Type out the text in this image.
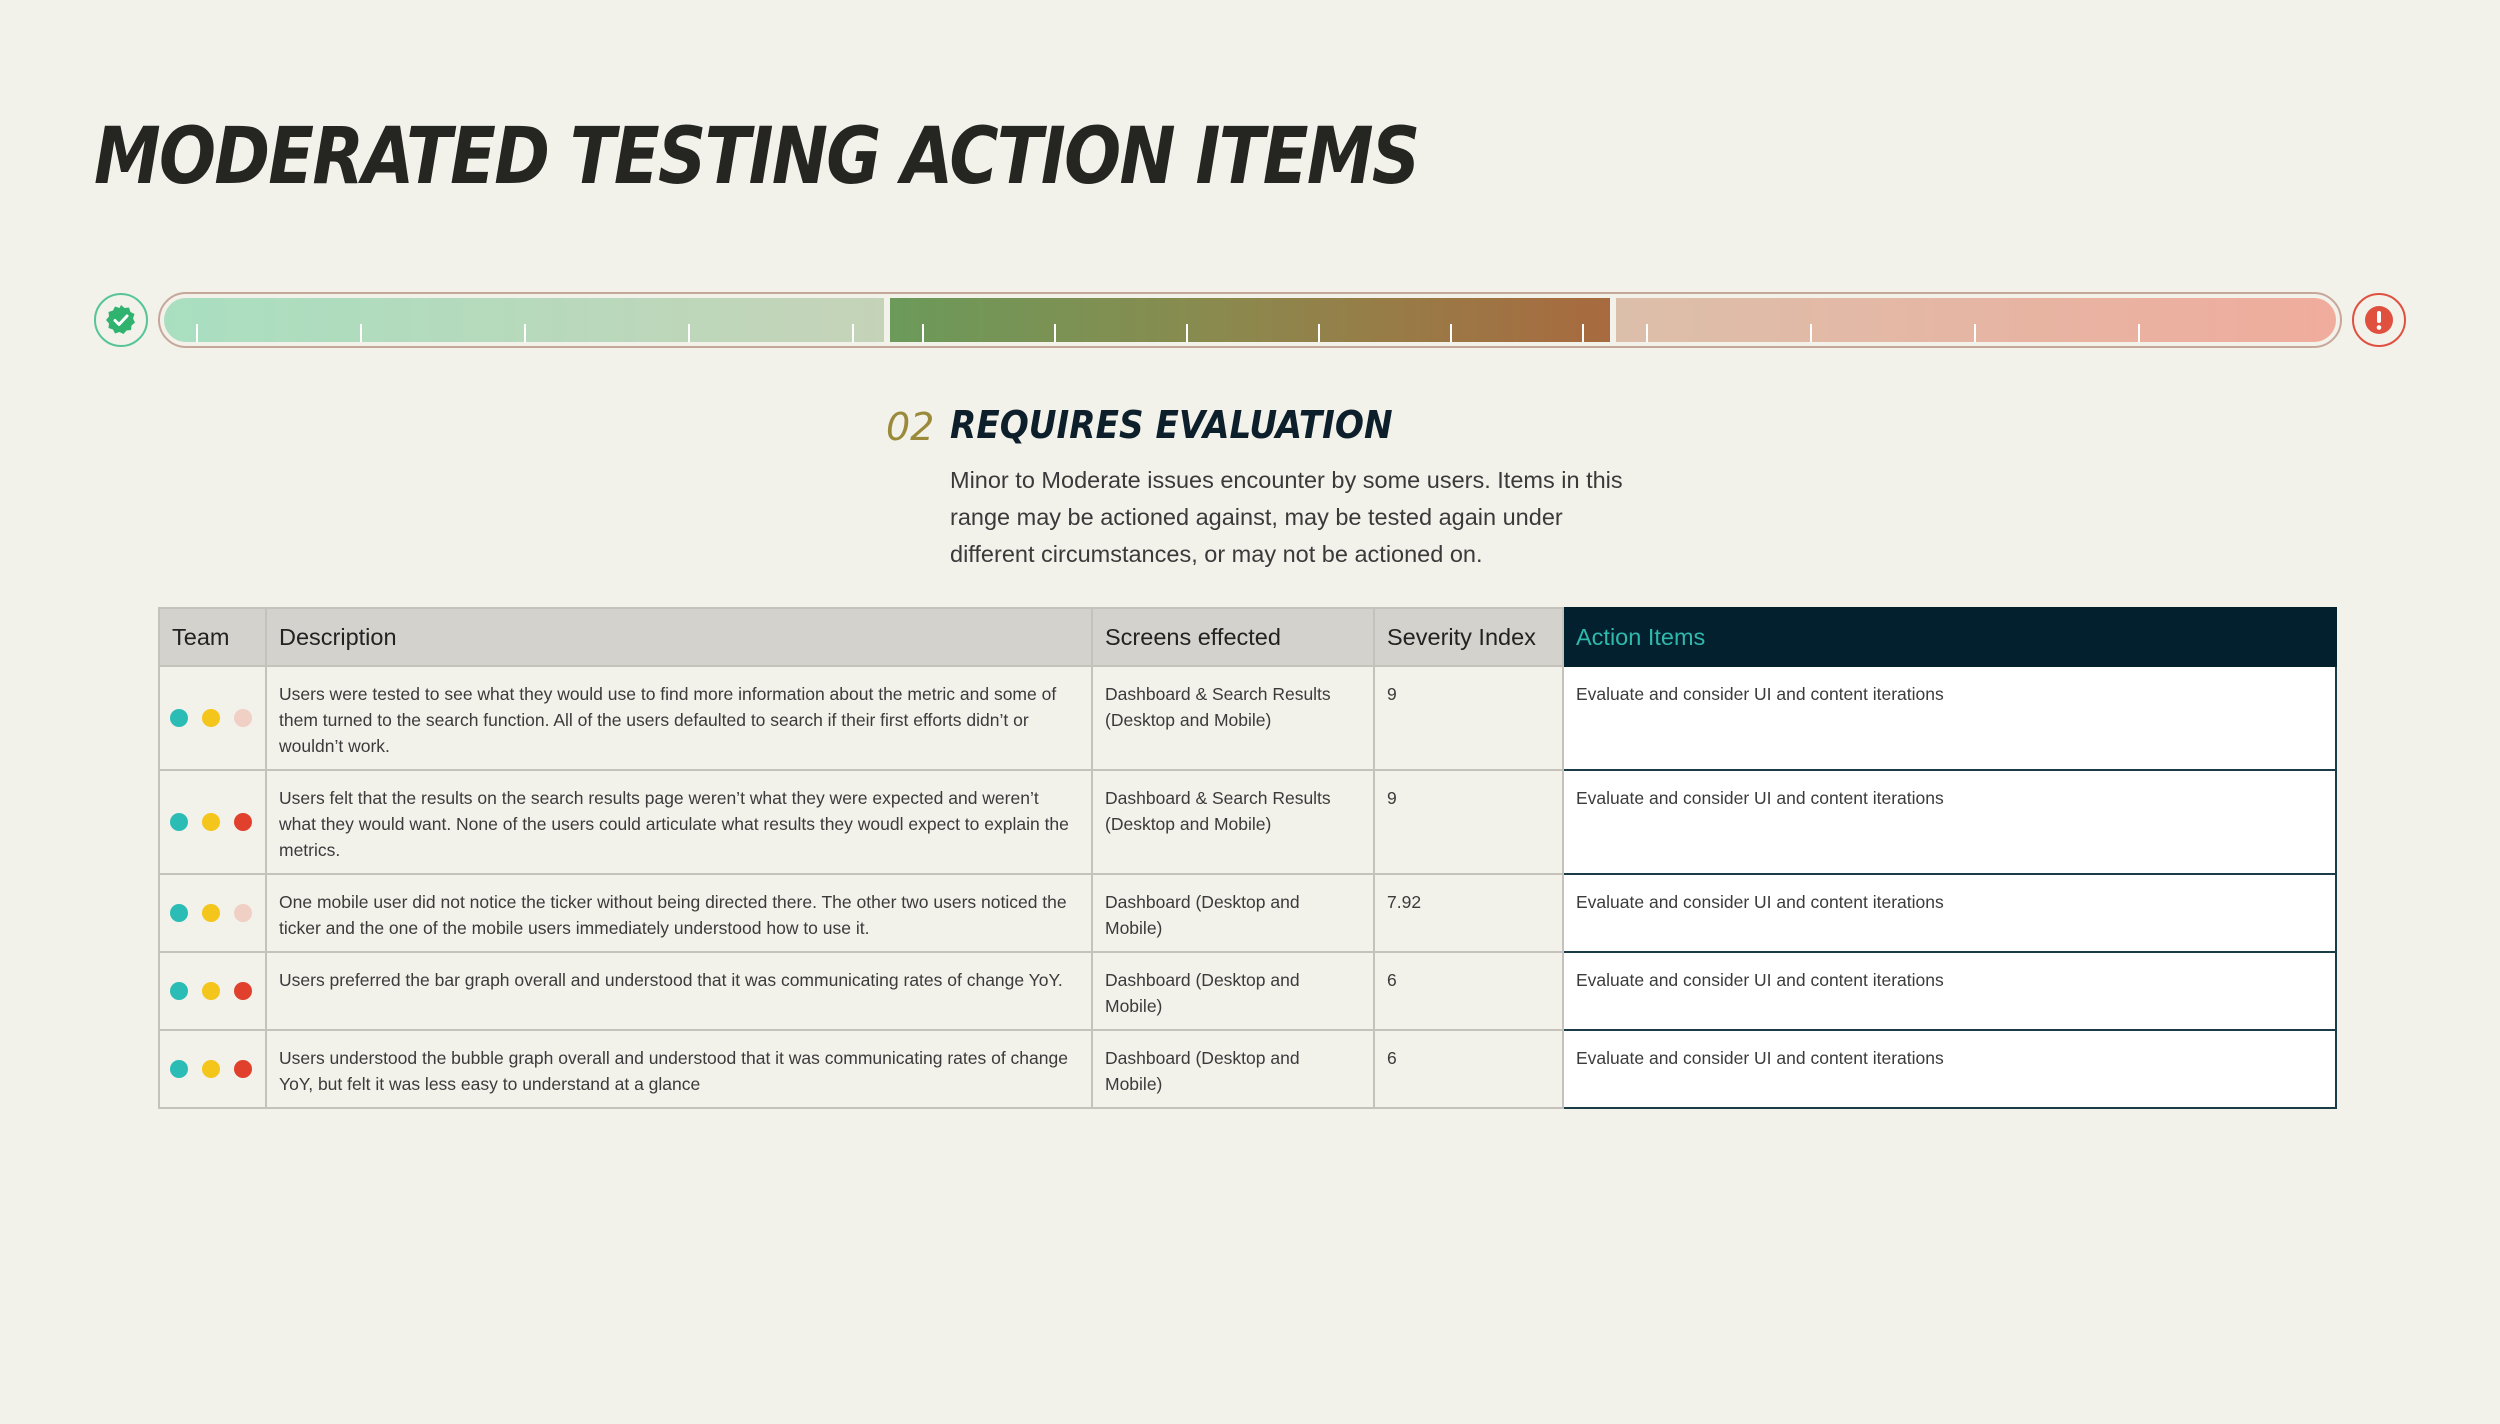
MODERATED TESTING ACTION ITEMS
02 REQUIRES EVALUATION

Minor to Moderate issues encounter by some users. Items in this range may be actioned against, may be tested again under different circumstances, or may not be actioned on.

Team	Description	Screens effected	Severity Index	Action Items

	Users were tested to see what they would use to find more information about the metric and some of them turned to the search function. All of the users defaulted to search if their first efforts didn’t or wouldn’t work.	Dashboard & Search Results (Desktop and Mobile)	9	Evaluate and consider UI and content iterations

	Users felt that the results on the search results page weren’t what they were expected and weren’t what they would want. None of the users could articulate what results they woudl expect to explain the metrics.	Dashboard & Search Results (Desktop and Mobile)	9	Evaluate and consider UI and content iterations

	One mobile user did not notice the ticker without being directed there. The other two users noticed the ticker and the one of the mobile users immediately understood how to use it.	Dashboard (Desktop and Mobile)	7.92	Evaluate and consider UI and content iterations

	Users preferred the bar graph overall and understood that it was communicating rates of change YoY.	Dashboard (Desktop and Mobile)	6	Evaluate and consider UI and content iterations

	Users understood the bubble graph overall and understood that it was communicating rates of change YoY, but felt it was less easy to understand at a glance	Dashboard (Desktop and Mobile)	6	Evaluate and consider UI and content iterations
